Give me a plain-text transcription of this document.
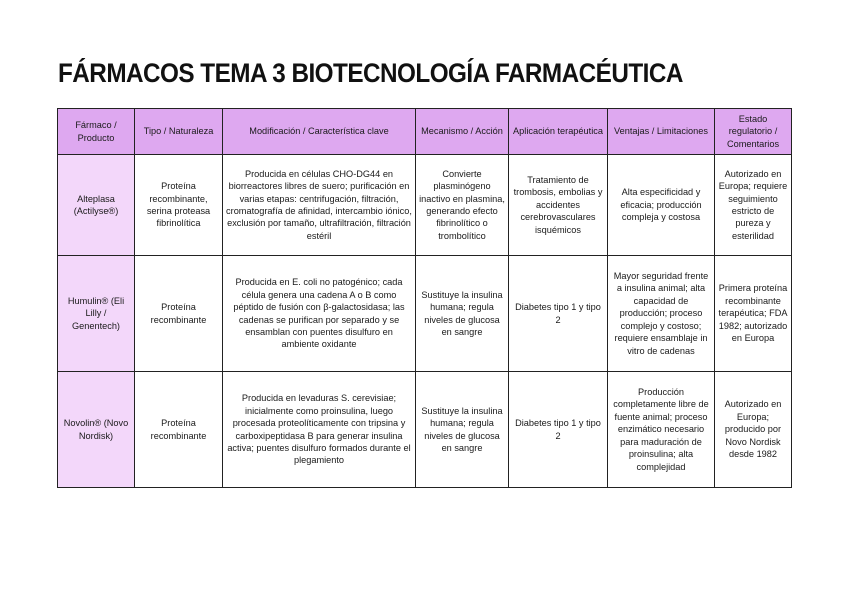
FÁRMACOS TEMA 3 BIOTECNOLOGÍA FARMACÉUTICA
Fármaco / Producto	Tipo / Naturaleza	Modificación / Característica clave	Mecanismo / Acción	Aplicación terapéutica	Ventajas / Limitaciones	Estado regulatorio / Comentarios
Alteplasa (Actilyse®)	Proteína recombinante, serina proteasa fibrinolítica	Producida en células CHO-DG44 en biorreactores libres de suero; purificación en varias etapas: centrifugación, filtración, cromatografía de afinidad, intercambio iónico, exclusión por tamaño, ultrafiltración, filtración estéril	Convierte plasminógeno inactivo en plasmina, generando efecto fibrinolítico o trombolítico	Tratamiento de trombosis, embolias y accidentes cerebrovasculares isquémicos	Alta especificidad y eficacia; producción compleja y costosa	Autorizado en Europa; requiere seguimiento estricto de pureza y esterilidad
Humulin® (Eli Lilly / Genentech)	Proteína recombinante	Producida en E. coli no patogénico; cada célula genera una cadena A o B como péptido de fusión con β-galactosidasa; las cadenas se purifican por separado y se ensamblan con puentes disulfuro en ambiente oxidante	Sustituye la insulina humana; regula niveles de glucosa en sangre	Diabetes tipo 1 y tipo 2	Mayor seguridad frente a insulina animal; alta capacidad de producción; proceso complejo y costoso; requiere ensamblaje in vitro de cadenas	Primera proteína recombinante terapéutica; FDA 1982; autorizado en Europa
Novolin® (Novo Nordisk)	Proteína recombinante	Producida en levaduras S. cerevisiae; inicialmente como proinsulina, luego procesada proteolíticamente con tripsina y carboxipeptidasa B para generar insulina activa; puentes disulfuro formados durante el plegamiento	Sustituye la insulina humana; regula niveles de glucosa en sangre	Diabetes tipo 1 y tipo 2	Producción completamente libre de fuente animal; proceso enzimático necesario para maduración de proinsulina; alta complejidad	Autorizado en Europa; producido por Novo Nordisk desde 1982
